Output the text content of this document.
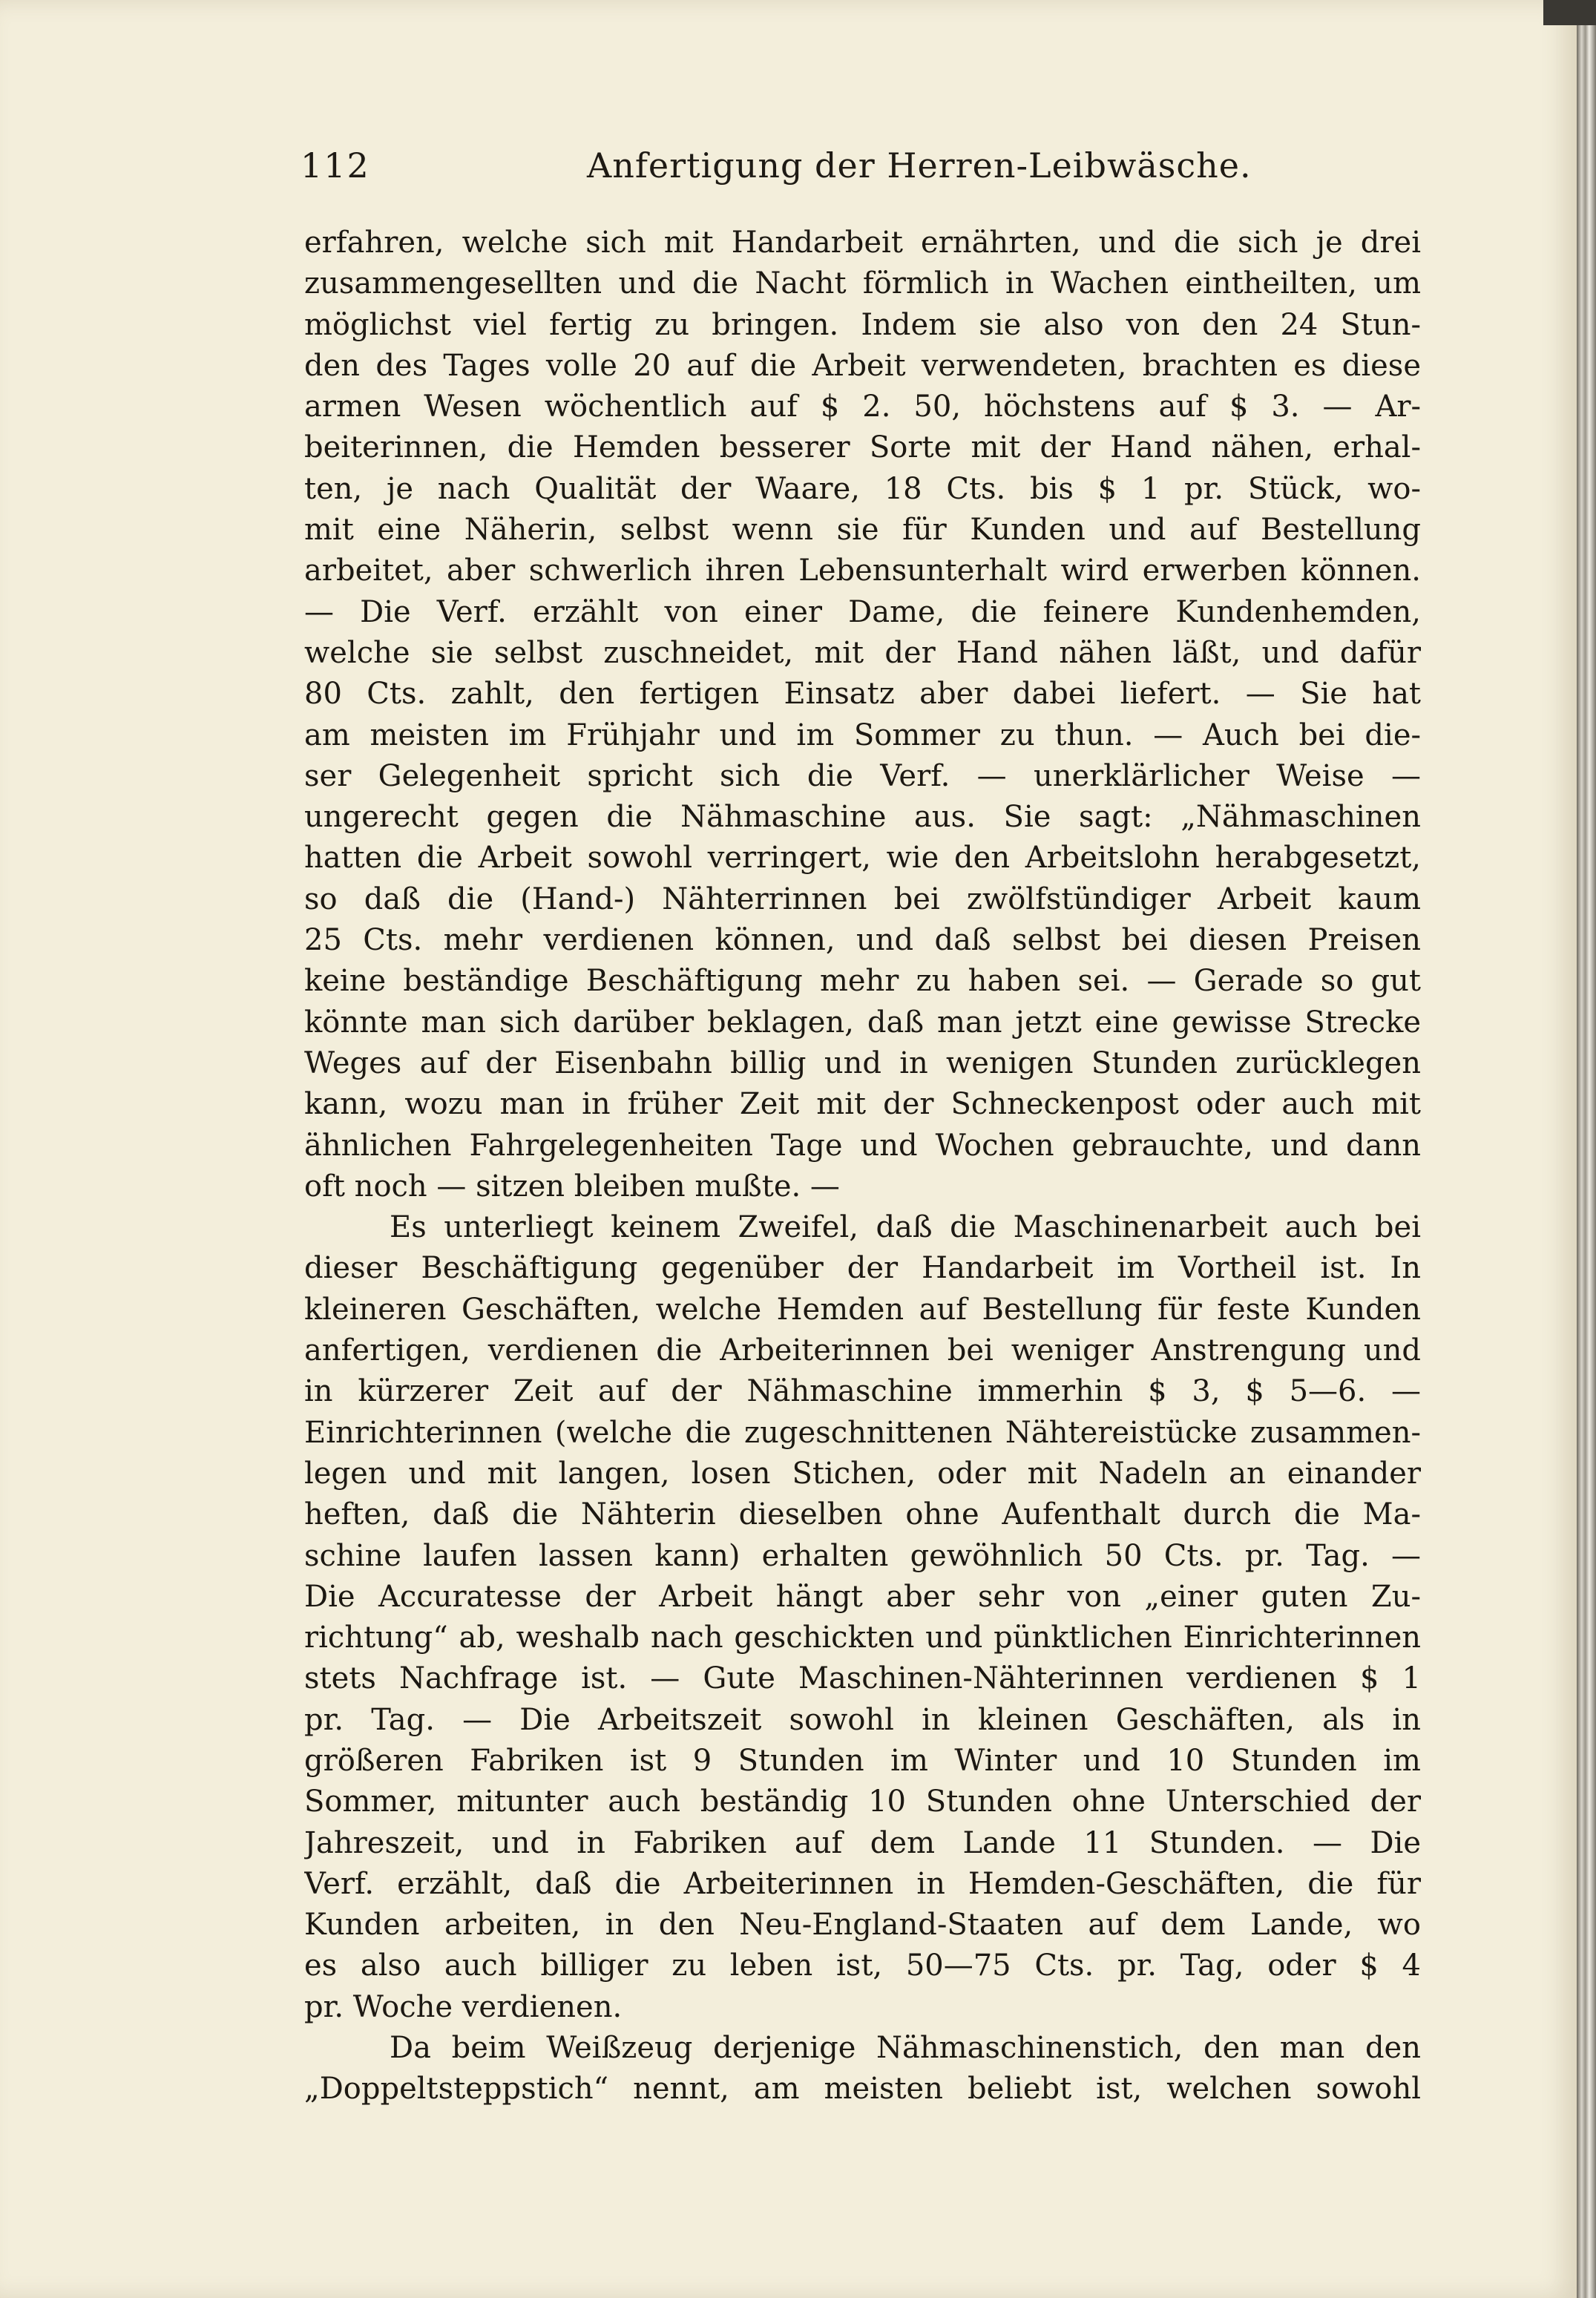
112	Anfertigung der Herren-Leibwäsche.
erfahren, welche sich mit Handarbeit ernährten, und die sich je drei
zusammengesellten und die Nacht förmlich in Wachen eintheilten, um
möglichst viel fertig zu bringen. Indem sie also von den 24 Stun-
den des Tages volle 20 auf die Arbeit verwendeten, brachten es diese
armen Wesen wöchentlich auf $ 2. 50, höchstens auf $ 3. — Ar-
beiterinnen, die Hemden besserer Sorte mit der Hand nähen, erhal-
ten, je nach Qualität der Waare, 18 Cts. bis $ 1 pr. Stück, wo-
mit eine Näherin, selbst wenn sie für Kunden und auf Bestellung
arbeitet, aber schwerlich ihren Lebensunterhalt wird erwerben können.
— Die Verf. erzählt von einer Dame, die feinere Kundenhemden,
welche sie selbst zuschneidet, mit der Hand nähen läßt, und dafür
80 Cts. zahlt, den fertigen Einsatz aber dabei liefert. — Sie hat
am meisten im Frühjahr und im Sommer zu thun. — Auch bei die-
ser Gelegenheit spricht sich die Verf. — unerklärlicher Weise —
ungerecht gegen die Nähmaschine aus. Sie sagt: „Nähmaschinen
hatten die Arbeit sowohl verringert, wie den Arbeitslohn herabgesetzt,
so daß die (Hand-) Nähterrinnen bei zwölfstündiger Arbeit kaum
25 Cts. mehr verdienen können, und daß selbst bei diesen Preisen
keine beständige Beschäftigung mehr zu haben sei. — Gerade so gut
könnte man sich darüber beklagen, daß man jetzt eine gewisse Strecke
Weges auf der Eisenbahn billig und in wenigen Stunden zurücklegen
kann, wozu man in früher Zeit mit der Schneckenpost oder auch mit
ähnlichen Fahrgelegenheiten Tage und Wochen gebrauchte, und dann
oft noch — sitzen bleiben mußte. —
Es unterliegt keinem Zweifel, daß die Maschinenarbeit auch bei
dieser Beschäftigung gegenüber der Handarbeit im Vortheil ist. In
kleineren Geschäften, welche Hemden auf Bestellung für feste Kunden
anfertigen, verdienen die Arbeiterinnen bei weniger Anstrengung und
in kürzerer Zeit auf der Nähmaschine immerhin $ 3, $ 5—6. —
Einrichterinnen (welche die zugeschnittenen Nähtereistücke zusammen-
legen und mit langen, losen Stichen, oder mit Nadeln an einander
heften, daß die Nähterin dieselben ohne Aufenthalt durch die Ma-
schine laufen lassen kann) erhalten gewöhnlich 50 Cts. pr. Tag. —
Die Accuratesse der Arbeit hängt aber sehr von „einer guten Zu-
richtung“ ab, weshalb nach geschickten und pünktlichen Einrichterinnen
stets Nachfrage ist. — Gute Maschinen-Nähterinnen verdienen $ 1
pr. Tag. — Die Arbeitszeit sowohl in kleinen Geschäften, als in
größeren Fabriken ist 9 Stunden im Winter und 10 Stunden im
Sommer, mitunter auch beständig 10 Stunden ohne Unterschied der
Jahreszeit, und in Fabriken auf dem Lande 11 Stunden. — Die
Verf. erzählt, daß die Arbeiterinnen in Hemden-Geschäften, die für
Kunden arbeiten, in den Neu-England-Staaten auf dem Lande, wo
es also auch billiger zu leben ist, 50—75 Cts. pr. Tag, oder $ 4
pr. Woche verdienen.
Da beim Weißzeug derjenige Nähmaschinenstich, den man den
„Doppeltsteppstich“ nennt, am meisten beliebt ist, welchen sowohl
